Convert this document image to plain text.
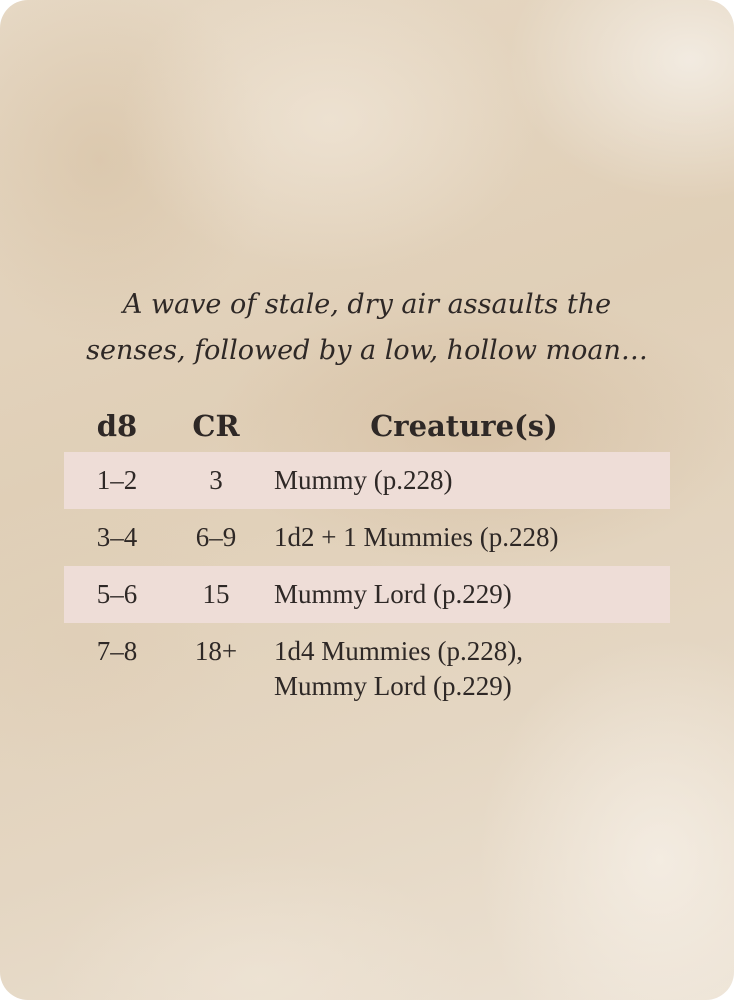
A wave of stale, dry air assaults the
senses, followed by a low, hollow moan…
d8	CR	Creature(s)
1–2	3	Mummy (p.228)
3–4	6–9	1d2 + 1 Mummies (p.228)
5–6	15	Mummy Lord (p.229)
7–8	18+	1d4 Mummies (p.228),
Mummy Lord (p.229)
